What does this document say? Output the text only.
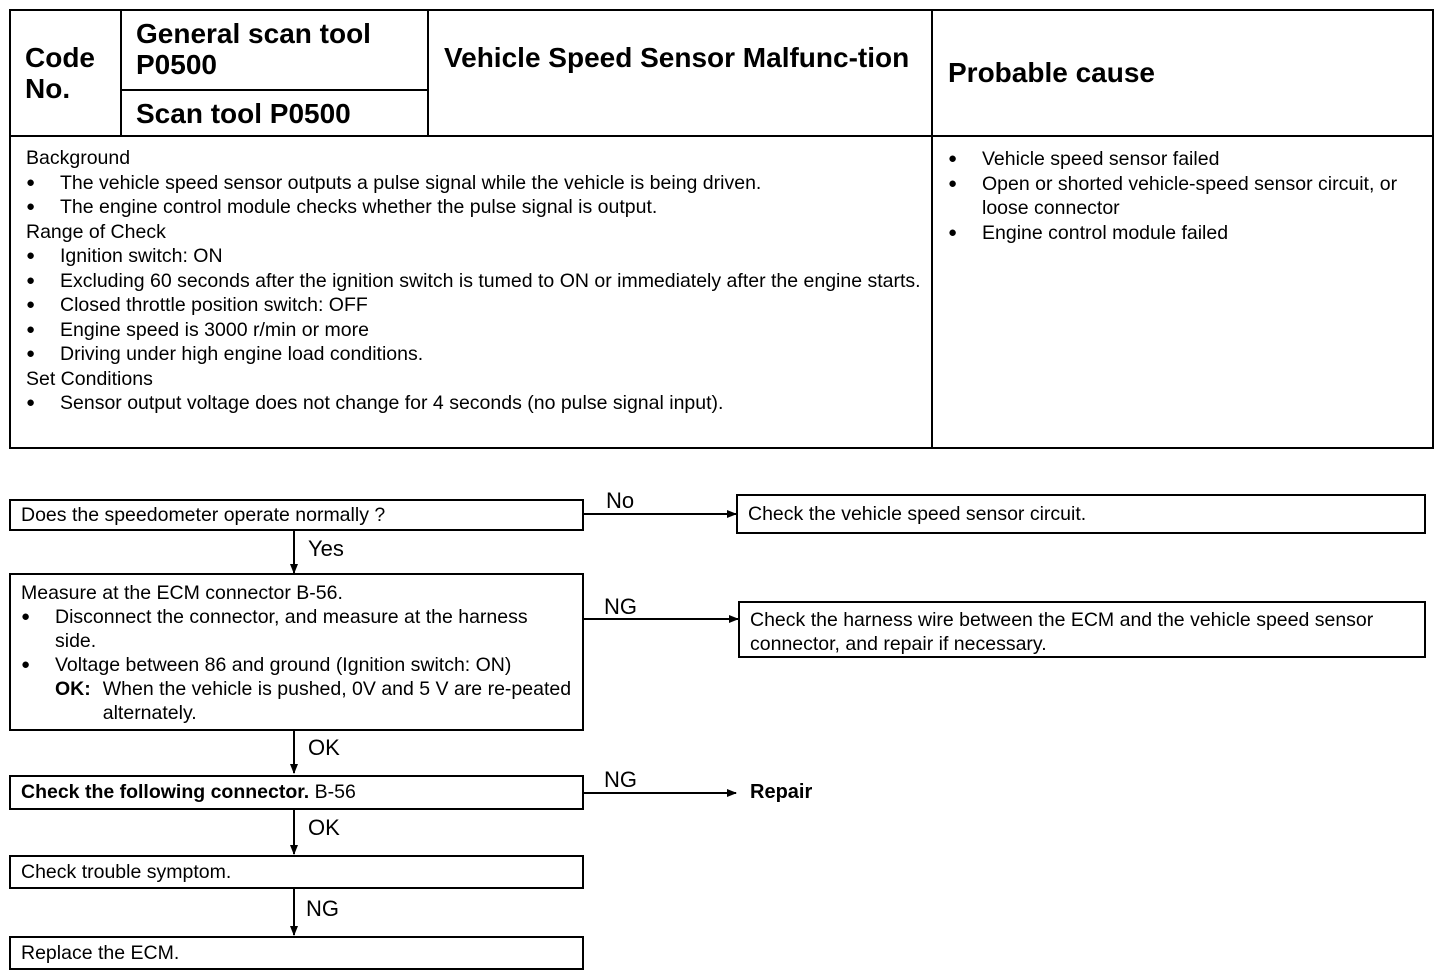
Code No.
General scan tool P0500
Scan tool P0500
Vehicle Speed Sensor Malfunc-tion Probable cause
Background
● The vehicle speed sensor outputs a pulse signal while the vehicle is being driven.
● The engine control module checks whether the pulse signal is output.
Range of Check
● Ignition switch: ON
● Excluding 60 seconds after the ignition switch is tumed to ON or immediately after the engine starts.
● Closed throttle position switch: OFF
● Engine speed is 3000 r/min or more
● Driving under high engine load conditions.
Set Conditions
● Sensor output voltage does not change for 4 seconds (no pulse signal input).
● Vehicle speed sensor failed
● Open or shorted vehicle-speed sensor circuit, or loose connector
● Engine control module failed
Does the speedometer operate normally ?
No
Check the vehicle speed sensor circuit.
Yes
Measure at the ECM connector B-56.
● Disconnect the connector, and measure at the harness side.
● Voltage between 86 and ground (Ignition switch: ON)
OK: When the vehicle is pushed, 0V and 5 V are re-peated alternately.
NG
Check the harness wire between the ECM and the vehicle speed sensor connector, and repair if necessary.
OK
Check the following connector. B-56	NG	Repair
OK
Check trouble symptom.
NG
Replace the ECM.
